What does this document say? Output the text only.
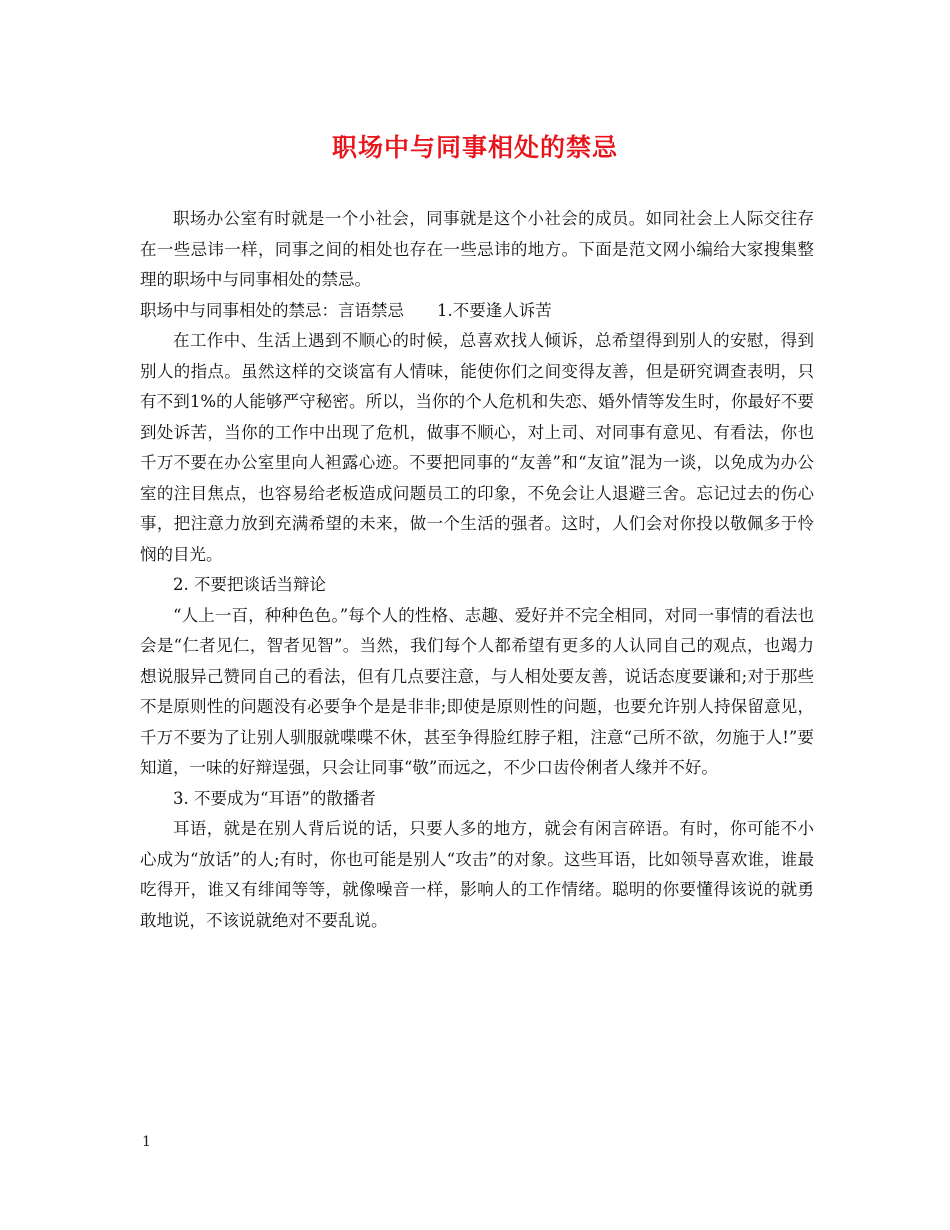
职场中与同事相处的禁忌

职场办公室有时就是一个小社会，同事就是这个小社会的成员。如同社会上人际交往存在一些忌讳一样，同事之间的相处也存在一些忌讳的地方。下面是范文网小编给大家搜集整理的职场中与同事相处的禁忌。

职场中与同事相处的禁忌：言语禁忌　　1.不要逢人诉苦

在工作中、生活上遇到不顺心的时候，总喜欢找人倾诉，总希望得到别人的安慰，得到别人的指点。虽然这样的交谈富有人情味，能使你们之间变得友善，但是研究调查表明，只有不到1%的人能够严守秘密。所以，当你的个人危机和失恋、婚外情等发生时，你最好不要到处诉苦，当你的工作中出现了危机，做事不顺心，对上司、对同事有意见、有看法，你也千万不要在办公室里向人袒露心迹。不要把同事的“友善”和“友谊”混为一谈，以免成为办公室的注目焦点，也容易给老板造成问题员工的印象，不免会让人退避三舍。忘记过去的伤心事，把注意力放到充满希望的未来，做一个生活的强者。这时，人们会对你投以敬佩多于怜悯的目光。

2. 不要把谈话当辩论

“人上一百，种种色色。”每个人的性格、志趣、爱好并不完全相同，对同一事情的看法也会是“仁者见仁，智者见智”。当然，我们每个人都希望有更多的人认同自己的观点，也竭力想说服异己赞同自己的看法，但有几点要注意，与人相处要友善，说话态度要谦和;对于那些不是原则性的问题没有必要争个是是非非;即使是原则性的问题，也要允许别人持保留意见，千万不要为了让别人驯服就喋喋不休，甚至争得脸红脖子粗，注意“己所不欲，勿施于人!”要知道，一味的好辩逞强，只会让同事“敬”而远之，不少口齿伶俐者人缘并不好。

3. 不要成为“耳语”的散播者

耳语，就是在别人背后说的话，只要人多的地方，就会有闲言碎语。有时，你可能不小心成为“放话”的人;有时，你也可能是别人“攻击”的对象。这些耳语，比如领导喜欢谁，谁最吃得开，谁又有绯闻等等，就像噪音一样，影响人的工作情绪。聪明的你要懂得该说的就勇敢地说，不该说就绝对不要乱说。

1
